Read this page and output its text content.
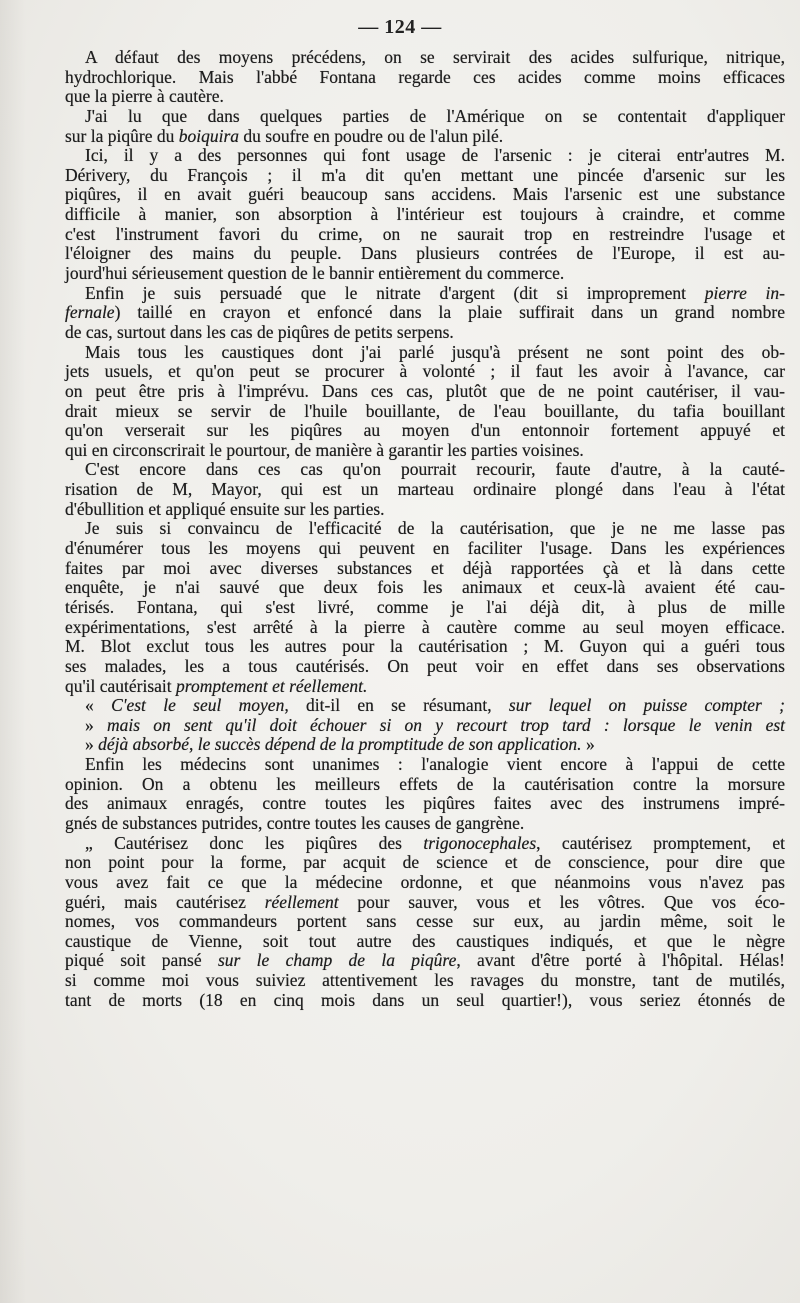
— 124 —
A défaut des moyens précédens, on se servirait des acides sulfurique, nitrique,
hydrochlorique. Mais l'abbé Fontana regarde ces acides comme moins efficaces
que la pierre à cautère.
J'ai lu que dans quelques parties de l'Amérique on se contentait d'appliquer
sur la piqûre du boiquira du soufre en poudre ou de l'alun pilé.
Ici, il y a des personnes qui font usage de l'arsenic : je citerai entr'autres M.
Dérivery, du François ; il m'a dit qu'en mettant une pincée d'arsenic sur les
piqûres, il en avait guéri beaucoup sans accidens. Mais l'arsenic est une substance
difficile à manier, son absorption à l'intérieur est toujours à craindre, et comme
c'est l'instrument favori du crime, on ne saurait trop en restreindre l'usage et
l'éloigner des mains du peuple. Dans plusieurs contrées de l'Europe, il est au-
jourd'hui sérieusement question de le bannir entièrement du commerce.
Enfin je suis persuadé que le nitrate d'argent (dit si improprement pierre in-
fernale) taillé en crayon et enfoncé dans la plaie suffirait dans un grand nombre
de cas, surtout dans les cas de piqûres de petits serpens.
Mais tous les caustiques dont j'ai parlé jusqu'à présent ne sont point des ob-
jets usuels, et qu'on peut se procurer à volonté ; il faut les avoir à l'avance, car
on peut être pris à l'imprévu. Dans ces cas, plutôt que de ne point cautériser, il vau-
drait mieux se servir de l'huile bouillante, de l'eau bouillante, du tafia bouillant
qu'on verserait sur les piqûres au moyen d'un entonnoir fortement appuyé et
qui en circonscrirait le pourtour, de manière à garantir les parties voisines.
C'est encore dans ces cas qu'on pourrait recourir, faute d'autre, à la cauté-
risation de M, Mayor, qui est un marteau ordinaire plongé dans l'eau à l'état
d'ébullition et appliqué ensuite sur les parties.
Je suis si convaincu de l'efficacité de la cautérisation, que je ne me lasse pas
d'énumérer tous les moyens qui peuvent en faciliter l'usage. Dans les expériences
faites par moi avec diverses substances et déjà rapportées çà et là dans cette
enquête, je n'ai sauvé que deux fois les animaux et ceux-là avaient été cau-
térisés. Fontana, qui s'est livré, comme je l'ai déjà dit, à plus de mille
expérimentations, s'est arrêté à la pierre à cautère comme au seul moyen efficace.
M. Blot exclut tous les autres pour la cautérisation ; M. Guyon qui a guéri tous
ses malades, les a tous cautérisés. On peut voir en effet dans ses observations
qu'il cautérisait promptement et réellement.
« C'est le seul moyen, dit-il en se résumant, sur lequel on puisse compter ;
» mais on sent qu'il doit échouer si on y recourt trop tard : lorsque le venin est
» déjà absorbé, le succès dépend de la promptitude de son application. »
Enfin les médecins sont unanimes : l'analogie vient encore à l'appui de cette
opinion. On a obtenu les meilleurs effets de la cautérisation contre la morsure
des animaux enragés, contre toutes les piqûres faites avec des instrumens impré-
gnés de substances putrides, contre toutes les causes de gangrène.
„ Cautérisez donc les piqûres des trigonocephales, cautérisez promptement, et
non point pour la forme, par acquit de science et de conscience, pour dire que
vous avez fait ce que la médecine ordonne, et que néanmoins vous n'avez pas
guéri, mais cautérisez réellement pour sauver, vous et les vôtres. Que vos éco-
nomes, vos commandeurs portent sans cesse sur eux, au jardin même, soit le
caustique de Vienne, soit tout autre des caustiques indiqués, et que le nègre
piqué soit pansé sur le champ de la piqûre, avant d'être porté à l'hôpital. Hélas!
si comme moi vous suiviez attentivement les ravages du monstre, tant de mutilés,
tant de morts (18 en cinq mois dans un seul quartier!), vous seriez étonnés de
